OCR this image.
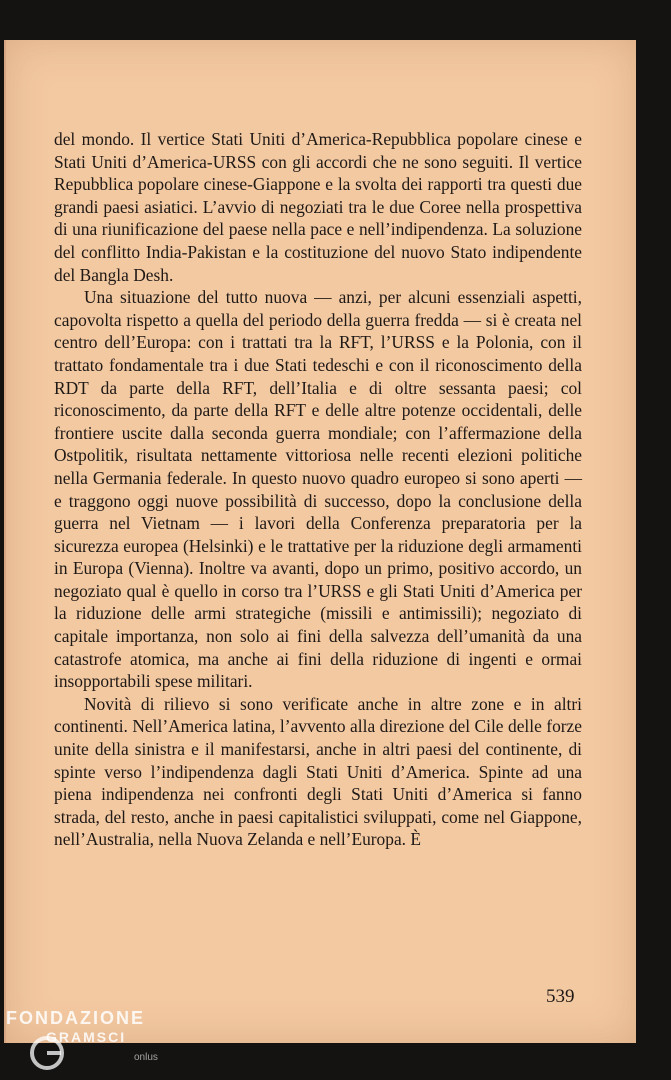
del mondo. Il vertice Stati Uniti d’America-Repubblica popolare cinese e Stati Uniti d’America-URSS con gli accordi che ne sono seguiti. Il vertice Repubblica popolare cinese-Giappone e la svolta dei rapporti tra questi due grandi paesi asiatici. L’avvio di negoziati tra le due Coree nella prospettiva di una riunificazione del paese nella pace e nell’indipendenza. La soluzione del conflitto India-Pakistan e la costituzione del nuovo Stato indipendente del Bangla Desh.

Una situazione del tutto nuova — anzi, per alcuni essenziali aspetti, capovolta rispetto a quella del periodo della guerra fredda — si è creata nel centro dell’Europa: con i trattati tra la RFT, l’URSS e la Polonia, con il trattato fondamentale tra i due Stati tedeschi e con il riconoscimento della RDT da parte della RFT, dell’Italia e di oltre sessanta paesi; col riconoscimento, da parte della RFT e delle altre potenze occidentali, delle frontiere uscite dalla seconda guerra mondiale; con l’affermazione della Ostpolitik, risultata nettamente vittoriosa nelle recenti elezioni politiche nella Germania federale. In questo nuovo quadro europeo si sono aperti — e traggono oggi nuove possibilità di successo, dopo la conclusione della guerra nel Vietnam — i lavori della Conferenza preparatoria per la sicurezza europea (Helsinki) e le trattative per la riduzione degli armamenti in Europa (Vienna). Inoltre va avanti, dopo un primo, positivo accordo, un negoziato qual è quello in corso tra l’URSS e gli Stati Uniti d’America per la riduzione delle armi strategiche (missili e antimissili); negoziato di capitale importanza, non solo ai fini della salvezza dell’umanità da una catastrofe atomica, ma anche ai fini della riduzione di ingenti e ormai insopportabili spese militari.

Novità di rilievo si sono verificate anche in altre zone e in altri continenti. Nell’America latina, l’avvento alla direzione del Cile delle forze unite della sinistra e il manifestarsi, anche in altri paesi del continente, di spinte verso l’indipendenza dagli Stati Uniti d’America. Spinte ad una piena indipendenza nei confronti degli Stati Uniti d’America si fanno strada, del resto, anche in paesi capitalistici sviluppati, come nel Giappone, nell’Australia, nella Nuova Zelanda e nell’Europa. È

539
FONDAZIONE
GRAMSCI
onlus
